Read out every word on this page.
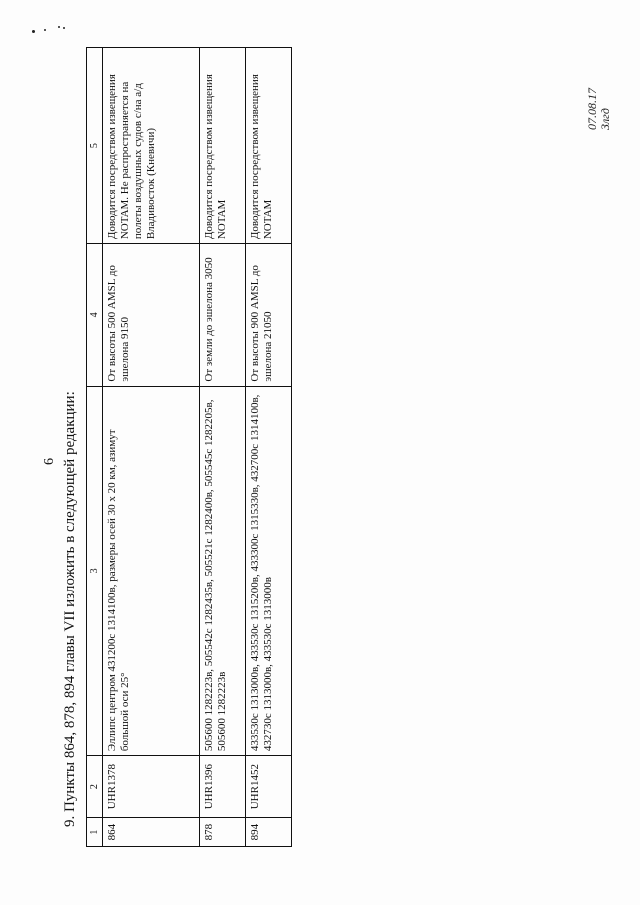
6 9. Пункты 864, 878, 894 главы VII изложить в следующей редакции:
1	2	3	4	5
864	UHR1378	Эллипс центром 431200с 1314100в, размеры осей 30 x 20 км, азимут большой оси 25°	От высоты 500 AMSL до эшелона 9150	Доводится посредством извещения NOTAM. Не распространяется на полеты воздушных судов с/на а/д Владивосток (Кневичи)
878	UHR1396	505600 1282223в, 505542с 1282435в, 505521с 1282400в, 505545с 1282205в, 505600 1282223в	От земли до эшелона 3050	Доводится посредством извещения NOTAM
894	UHR1452	433530с 1313000в, 433530с 1315200в, 433300с 1315330в, 432700с 1314100в, 432730с 1313000в, 433530с 1313000в	От высоты 900 AMSL до эшелона 21050	Доводится посредством извещения NOTAM
07.08.17 Злгд
